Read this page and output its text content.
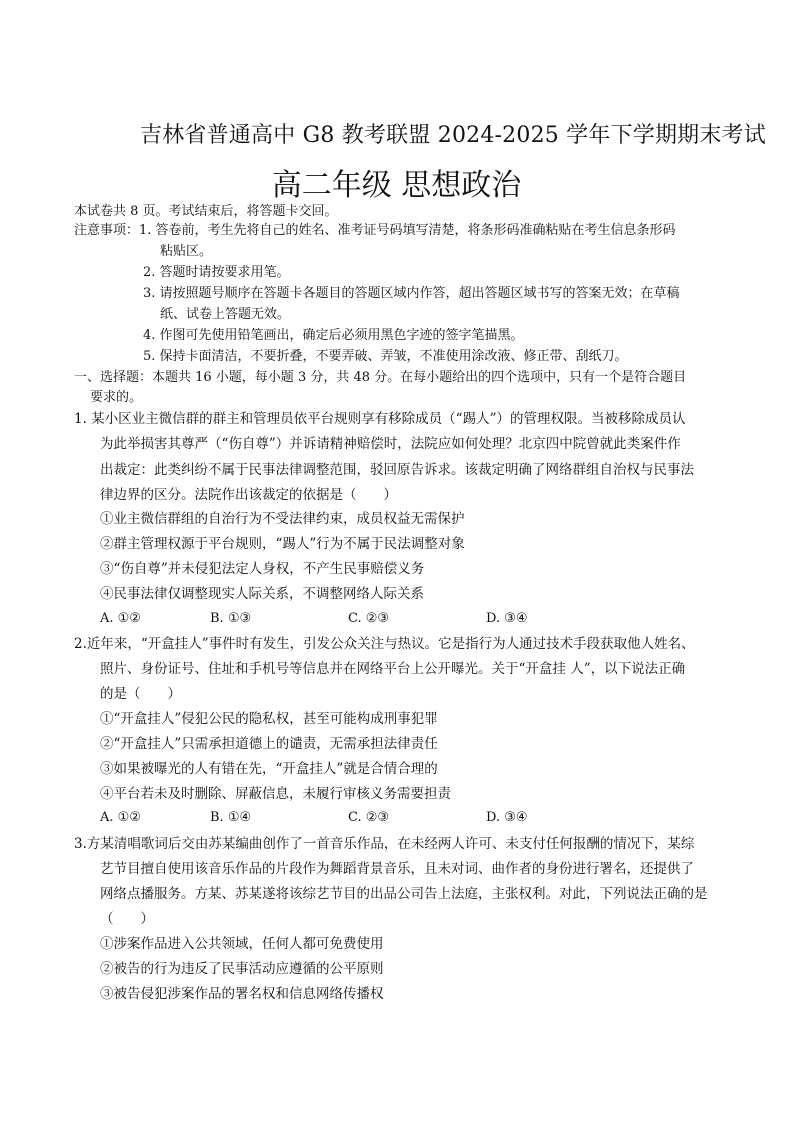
吉林省普通高中 G8 教考联盟 2024-2025 学年下学期期末考试
高二年级 思想政治
本试卷共 8 页。考试结束后，将答题卡交回。
注意事项：1. 答卷前，考生先将自己的姓名、准考证号码填写清楚，将条形码准确粘贴在考生信息条形码
粘贴区。
2. 答题时请按要求用笔。
3. 请按照题号顺序在答题卡各题目的答题区域内作答，超出答题区域书写的答案无效；在草稿
纸、试卷上答题无效。
4. 作图可先使用铅笔画出，确定后必须用黑色字迹的签字笔描黑。
5. 保持卡面清洁，不要折叠，不要弄破、弄皱，不准使用涂改液、修正带、刮纸刀。
一、选择题：本题共 16 小题，每小题 3 分，共 48 分。在每小题给出的四个选项中，只有一个是符合题目
要求的。
1. 某小区业主微信群的群主和管理员依平台规则享有移除成员（“踢人”）的管理权限。当被移除成员认
为此举损害其尊严（“伤自尊”）并诉请精神赔偿时，法院应如何处理？北京四中院曾就此类案件作
出裁定：此类纠纷不属于民事法律调整范围，驳回原告诉求。该裁定明确了网络群组自治权与民事法
律边界的区分。法院作出该裁定的依据是（　　）
①业主微信群组的自治行为不受法律约束，成员权益无需保护
②群主管理权源于平台规则，“踢人”行为不属于民法调整对象
③“伤自尊”并未侵犯法定人身权，不产生民事赔偿义务
④民事法律仅调整现实人际关系，不调整网络人际关系
A. ①②	B. ①③	C. ②③	D. ③④
2.近年来，“开盒挂人”事件时有发生，引发公众关注与热议。它是指行为人通过技术手段获取他人姓名、
照片、身份证号、住址和手机号等信息并在网络平台上公开曝光。关于“开盒挂 人”，以下说法正确
的是（　　）
①“开盒挂人”侵犯公民的隐私权，甚至可能构成刑事犯罪
②“开盒挂人”只需承担道德上的谴责，无需承担法律责任
③如果被曝光的人有错在先，“开盒挂人”就是合情合理的
④平台若未及时删除、屏蔽信息，未履行审核义务需要担责
A. ①②	B. ①④	C. ②③	D. ③④
3.方某清唱歌词后交由苏某编曲创作了一首音乐作品，在未经两人许可、未支付任何报酬的情况下，某综
艺节目擅自使用该音乐作品的片段作为舞蹈背景音乐，且未对词、曲作者的身份进行署名，还提供了
网络点播服务。方某、苏某遂将该综艺节目的出品公司告上法庭，主张权利。对此，下列说法正确的是
（　　）
①涉案作品进入公共领域，任何人都可免费使用
②被告的行为违反了民事活动应遵循的公平原则
③被告侵犯涉案作品的署名权和信息网络传播权
